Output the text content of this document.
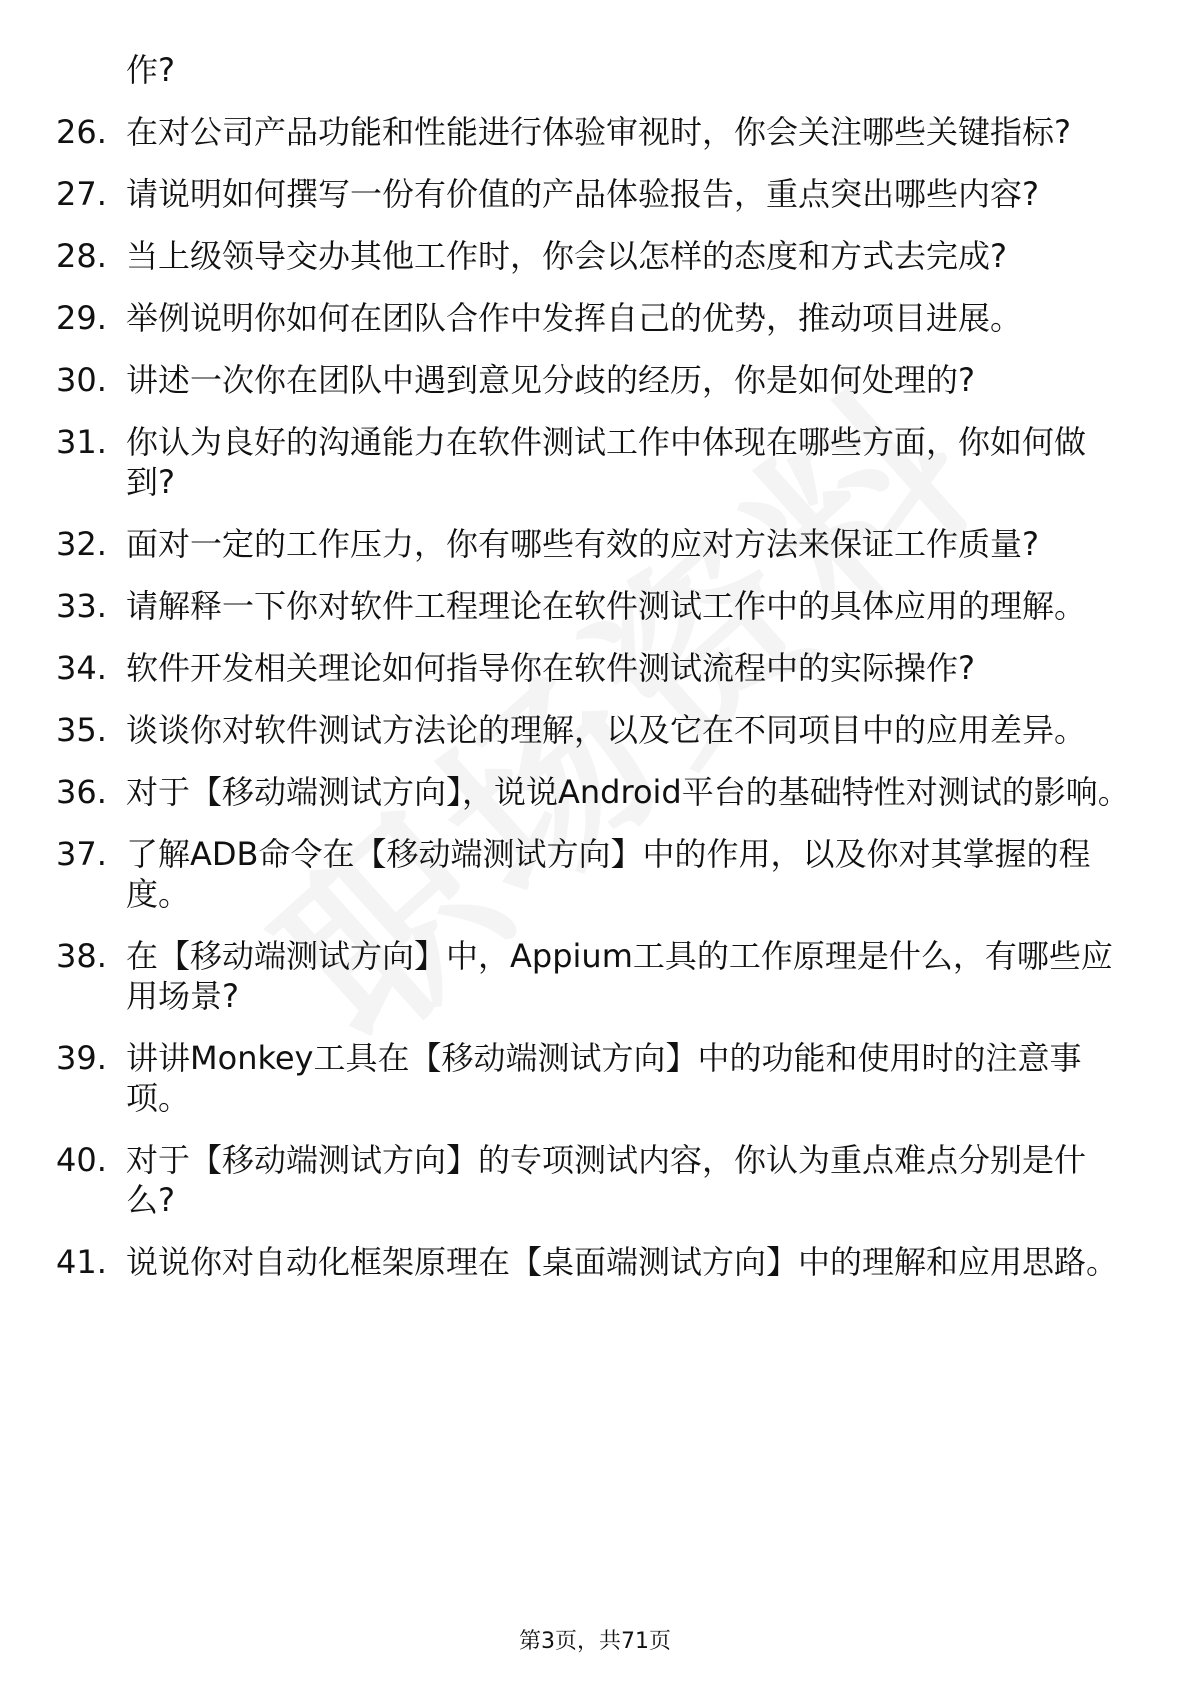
作?
26. 在对公司产品功能和性能进行体验审视时，你会关注哪些关键指标?
27. 请说明如何撰写一份有价值的产品体验报告，重点突出哪些内容?
28. 当上级领导交办其他工作时，你会以怎样的态度和方式去完成?
29. 举例说明你如何在团队合作中发挥自己的优势，推动项目进展。
30. 讲述一次你在团队中遇到意见分歧的经历，你是如何处理的?
31. 你认为良好的沟通能力在软件测试工作中体现在哪些方面，你如何做到?
32. 面对一定的工作压力，你有哪些有效的应对方法来保证工作质量?
33. 请解释一下你对软件工程理论在软件测试工作中的具体应用的理解。
34. 软件开发相关理论如何指导你在软件测试流程中的实际操作?
35. 谈谈你对软件测试方法论的理解，以及它在不同项目中的应用差异。
36. 对于【移动端测试方向】，说说Android平台的基础特性对测试的影响。
37. 了解ADB命令在【移动端测试方向】中的作用，以及你对其掌握的程度。
38. 在【移动端测试方向】中，Appium工具的工作原理是什么，有哪些应用场景?
39. 讲讲Monkey工具在【移动端测试方向】中的功能和使用时的注意事项。
40. 对于【移动端测试方向】的专项测试内容，你认为重点难点分别是什么?
41. 说说你对自动化框架原理在【桌面端测试方向】中的理解和应用思路。
第3页，共71页
